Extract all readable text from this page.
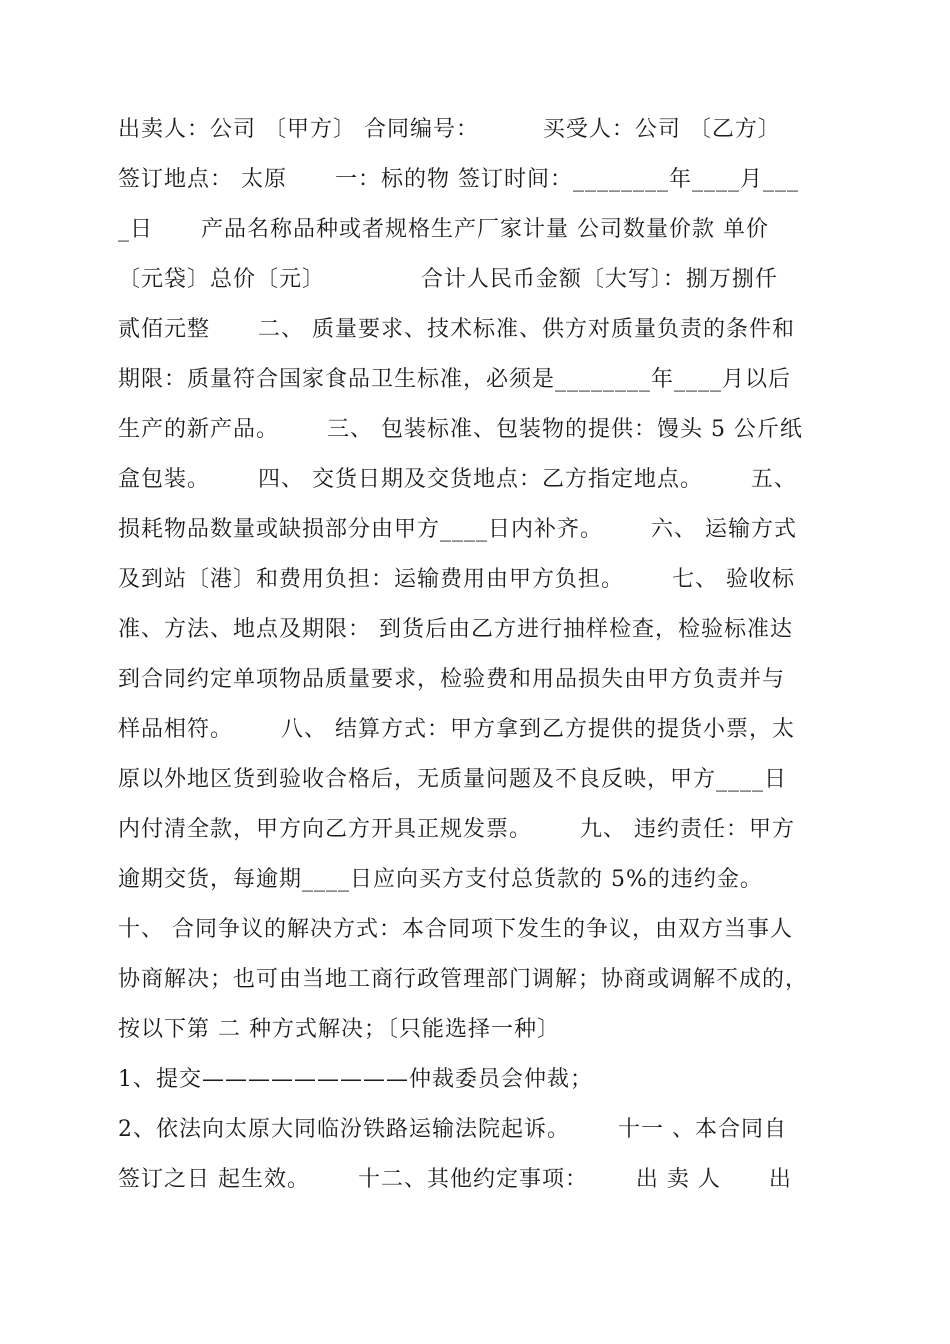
出卖人：公司 〔甲方〕 合同编号：        买受人：公司 〔乙方〕
签订地点： 太原      一：标的物 签订时间：________年____月___
_日      产品名称品种或者规格生产厂家计量 公司数量价款 单价
〔元袋〕总价〔元〕            合计人民币金额〔大写〕：捌万捌仟
贰佰元整      二、 质量要求、技术标准、供方对质量负责的条件和
期限：质量符合国家食品卫生标准，必须是________年____月以后
生产的新产品。      三、 包装标准、包装物的提供：馒头 5 公斤纸
盒包装。      四、 交货日期及交货地点：乙方指定地点。      五、
损耗物品数量或缺损部分由甲方____日内补齐。      六、 运输方式
及到站〔港〕和费用负担：运输费用由甲方负担。      七、 验收标
准、方法、地点及期限： 到货后由乙方进行抽样检查，检验标准达
到合同约定单项物品质量要求，检验费和用品损失由甲方负责并与
样品相符。      八、 结算方式：甲方拿到乙方提供的提货小票，太
原以外地区货到验收合格后，无质量问题及不良反映，甲方____日
内付清全款，甲方向乙方开具正规发票。      九、 违约责任：甲方
逾期交货，每逾期____日应向买方支付总货款的 5%的违约金。
十、 合同争议的解决方式：本合同项下发生的争议，由双方当事人
协商解决；也可由当地工商行政管理部门调解；协商或调解不成的，
按以下第 二 种方式解决；〔只能选择一种〕
1、提交—————————仲裁委员会仲裁；
2、依法向太原大同临汾铁路运输法院起诉。      十一 、本合同自
签订之日 起生效。      十二、其他约定事项：      出 卖 人      出
